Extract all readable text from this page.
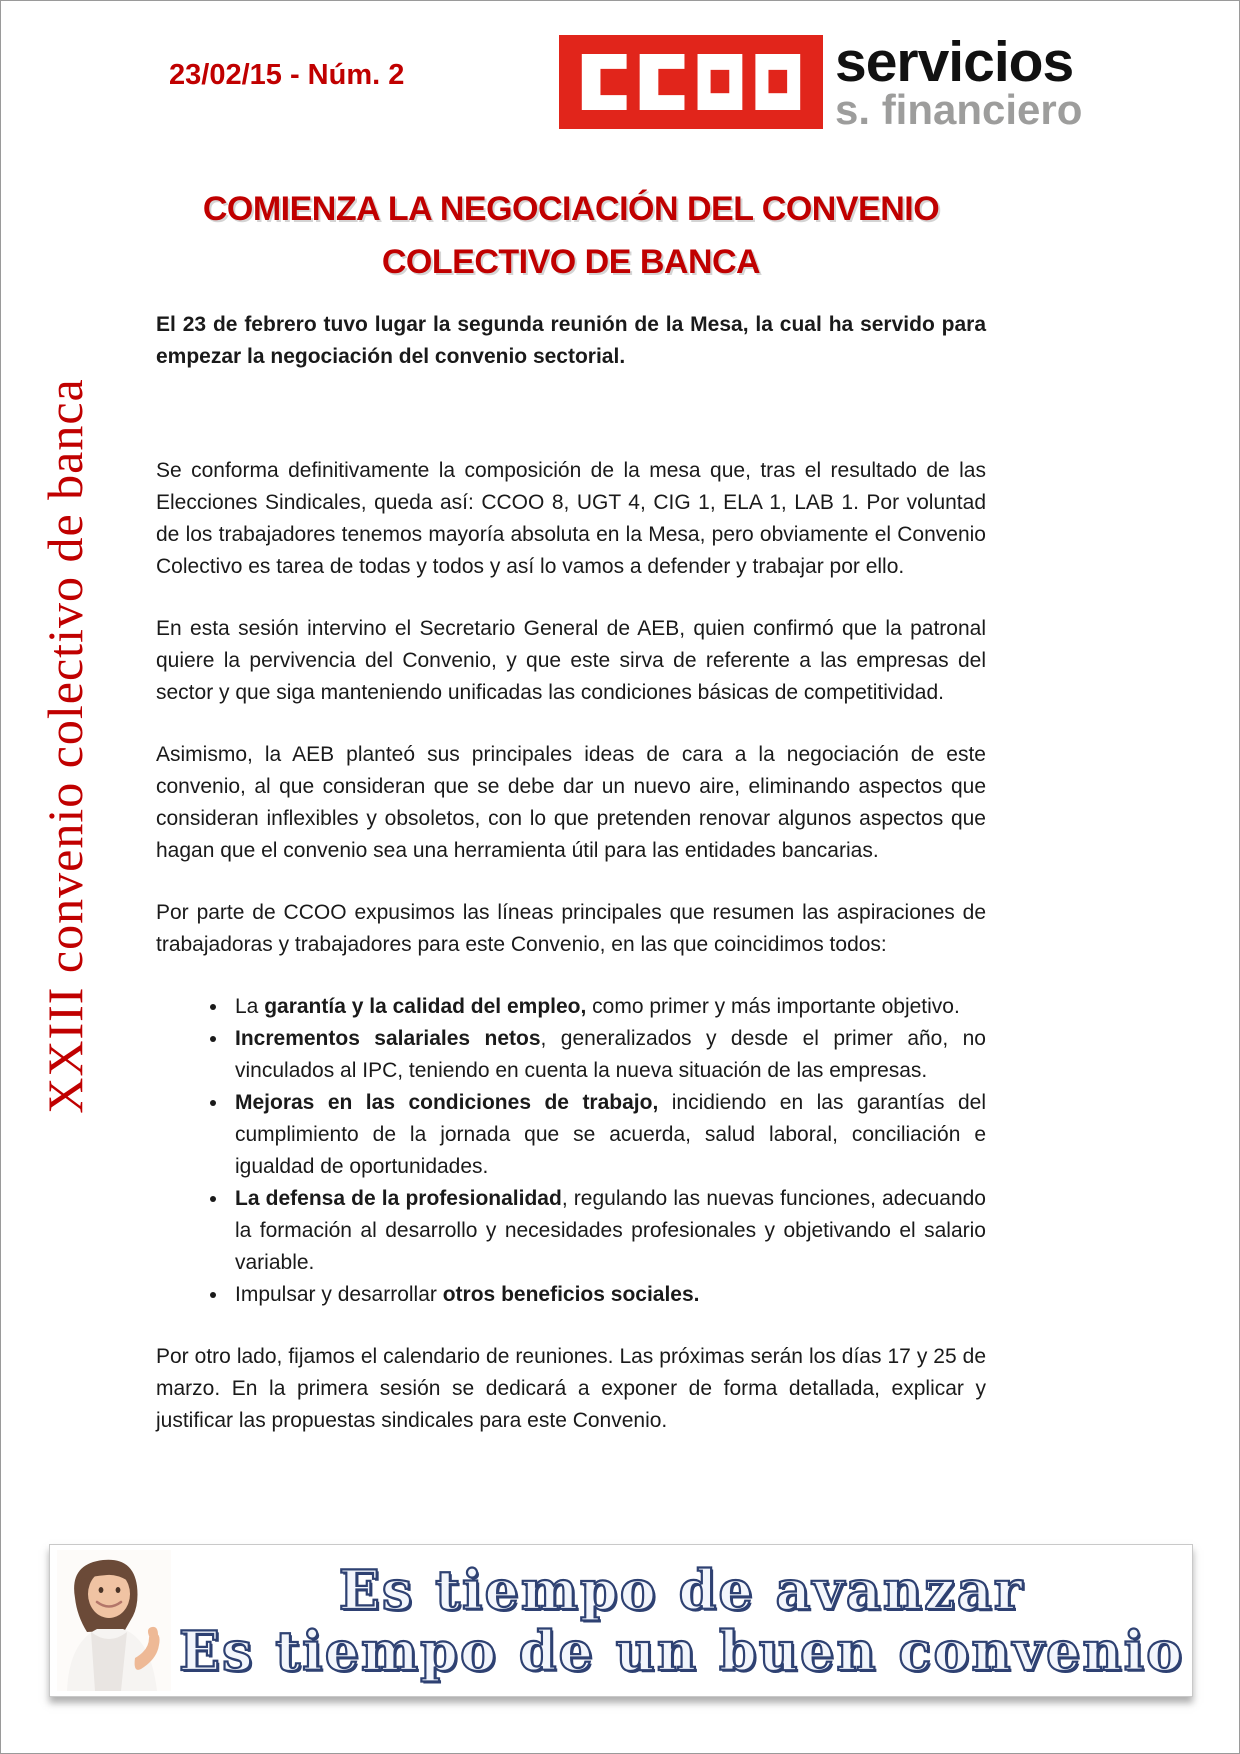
23/02/15 - Núm. 2	servicios
s. financiero
COMIENZA LA NEGOCIACIÓN DEL CONVENIO
COLECTIVO DE BANCA
XXIII convenio colectivo de banca

El 23 de febrero tuvo lugar la segunda reunión de la Mesa, la cual ha servido para empezar la negociación del convenio sectorial.

Se conforma definitivamente la composición de la mesa que, tras el resultado de las Elecciones Sindicales, queda así: CCOO 8, UGT 4, CIG 1, ELA 1, LAB 1. Por voluntad de los trabajadores tenemos mayoría absoluta en la Mesa, pero obviamente el Convenio Colectivo es tarea de todas y todos y así lo vamos a defender y trabajar por ello.

En esta sesión intervino el Secretario General de AEB, quien confirmó que la patronal quiere la pervivencia del Convenio, y que este sirva de referente a las empresas del sector y que siga manteniendo unificadas las condiciones básicas de competitividad.

Asimismo, la AEB planteó sus principales ideas de cara a la negociación de este convenio, al que consideran que se debe dar un nuevo aire, eliminando aspectos que consideran inflexibles y obsoletos, con lo que pretenden renovar algunos aspectos que hagan que el convenio sea una herramienta útil para las entidades bancarias.

Por parte de CCOO expusimos las líneas principales que resumen las aspiraciones de trabajadoras y trabajadores para este Convenio, en las que coincidimos todos:

• La garantía y la calidad del empleo, como primer y más importante objetivo.
• Incrementos salariales netos, generalizados y desde el primer año, no vinculados al IPC, teniendo en cuenta la nueva situación de las empresas.
• Mejoras en las condiciones de trabajo, incidiendo en las garantías del cumplimiento de la jornada que se acuerda, salud laboral, conciliación e igualdad de oportunidades.
• La defensa de la profesionalidad, regulando las nuevas funciones, adecuando la formación al desarrollo y necesidades profesionales y objetivando el salario variable.
• Impulsar y desarrollar otros beneficios sociales.

Por otro lado, fijamos el calendario de reuniones. Las próximas serán los días 17 y 25 de marzo. En la primera sesión se dedicará a exponer de forma detallada, explicar y justificar las propuestas sindicales para este Convenio.

Es tiempo de avanzar
Es tiempo de un buen convenio
